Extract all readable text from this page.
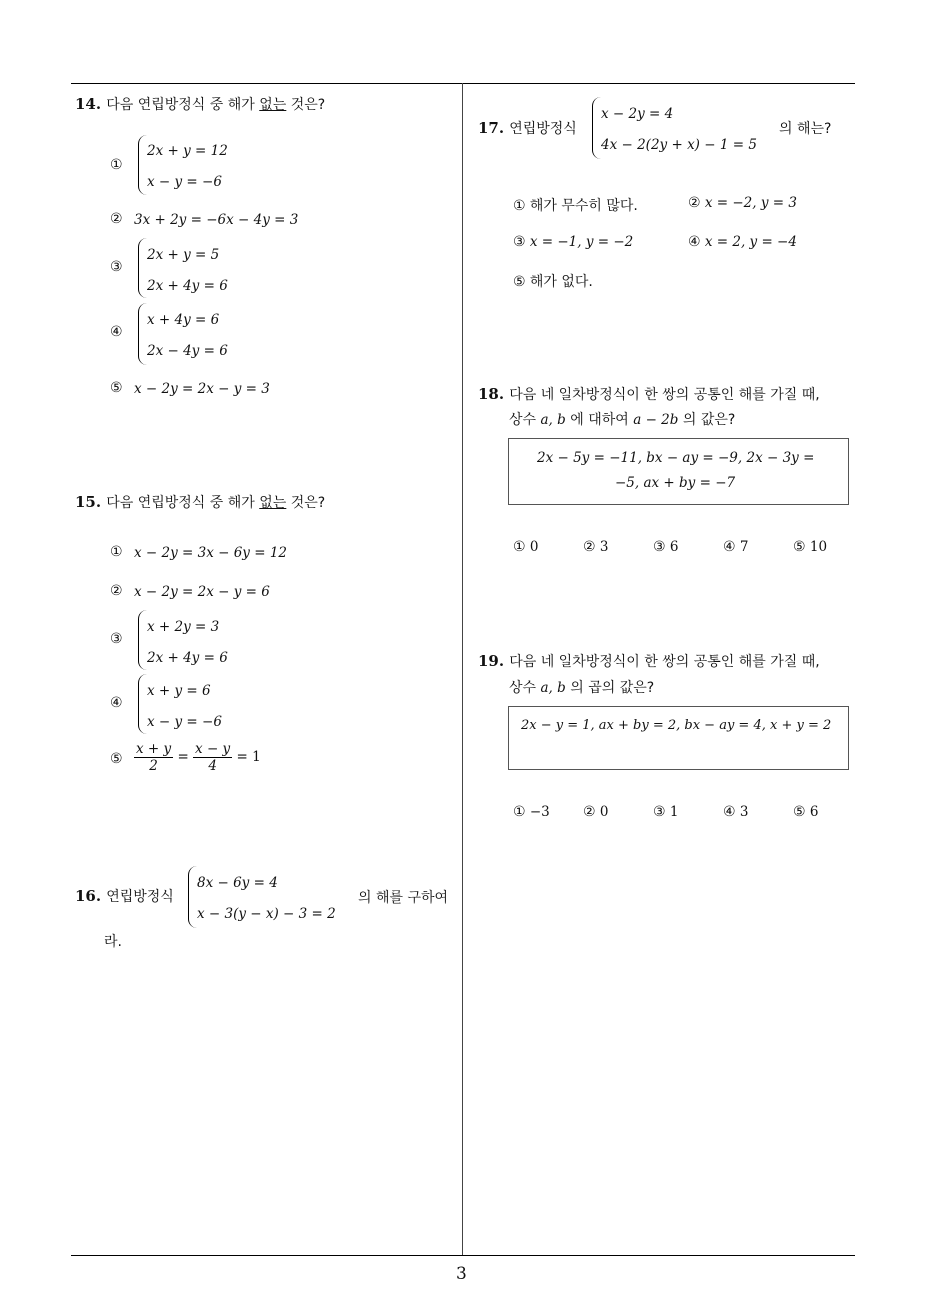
3
14. 다음 연립방정식 중 해가 없는 것은?
①
2x + y = 12
x − y = −6
② 3x + 2y = −6x − 4y = 3
③
2x + y = 5
2x + 4y = 6
④
x + 4y = 6
2x − 4y = 6
⑤ x − 2y = 2x − y = 3
15. 다음 연립방정식 중 해가 없는 것은?
① x − 2y = 3x − 6y = 12
② x − 2y = 2x − y = 6
③
x + 2y = 3
2x + 4y = 6
④
x + y = 6
x − y = −6
⑤ $\frac{x + y}{2} = \frac{x - y}{4} = 1$
16. 연립방정식
8x − 6y = 4
x − 3(y − x) − 3 = 2
의 해를 구하여
라.
17. 연립방정식
x − 2y = 4
4x − 2(2y + x) − 1 = 5
의 해는?
① 해가 무수히 많다.	② x = −2, y = 3
③ x = −1, y = −2	④ x = 2, y = −4
⑤ 해가 없다.
18. 다음 네 일차방정식이 한 쌍의 공통인 해를 가질 때,
상수 a, b 에 대하여 a − 2b 의 값은?
2x − 5y = −11, bx − ay = −9, 2x − 3y =
−5, ax + by = −7
① 0	② 3	③ 6	④ 7	⑤ 10
19. 다음 네 일차방정식이 한 쌍의 공통인 해를 가질 때,
상수 a, b 의 곱의 값은?
2x − y = 1, ax + by = 2, bx − ay = 4, x + y = 2
① −3 ② 0	③ 1	④ 3	⑤ 6
